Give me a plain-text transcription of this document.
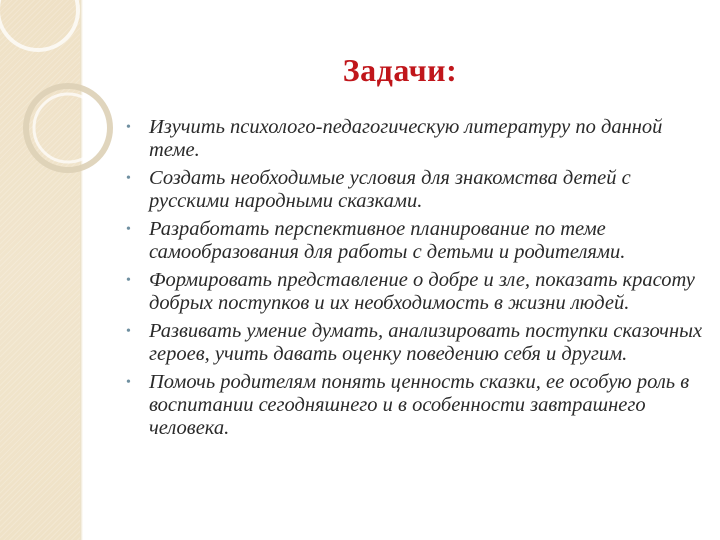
Задачи:
• Изучить психолого-педагогическую литературу по данной теме.
• Создать необходимые условия для знакомства детей с русскими народными сказками.
• Разработать перспективное планирование по теме самообразования для работы с детьми и родителями.
• Формировать представление о добре и зле, показать красоту добрых поступков и их необходимость в жизни людей.
• Развивать умение думать, анализировать поступки сказочных героев, учить давать оценку поведению себя и другим.
• Помочь родителям понять ценность сказки, ее особую роль в воспитании сегодняшнего и в особенности завтрашнего человека.
